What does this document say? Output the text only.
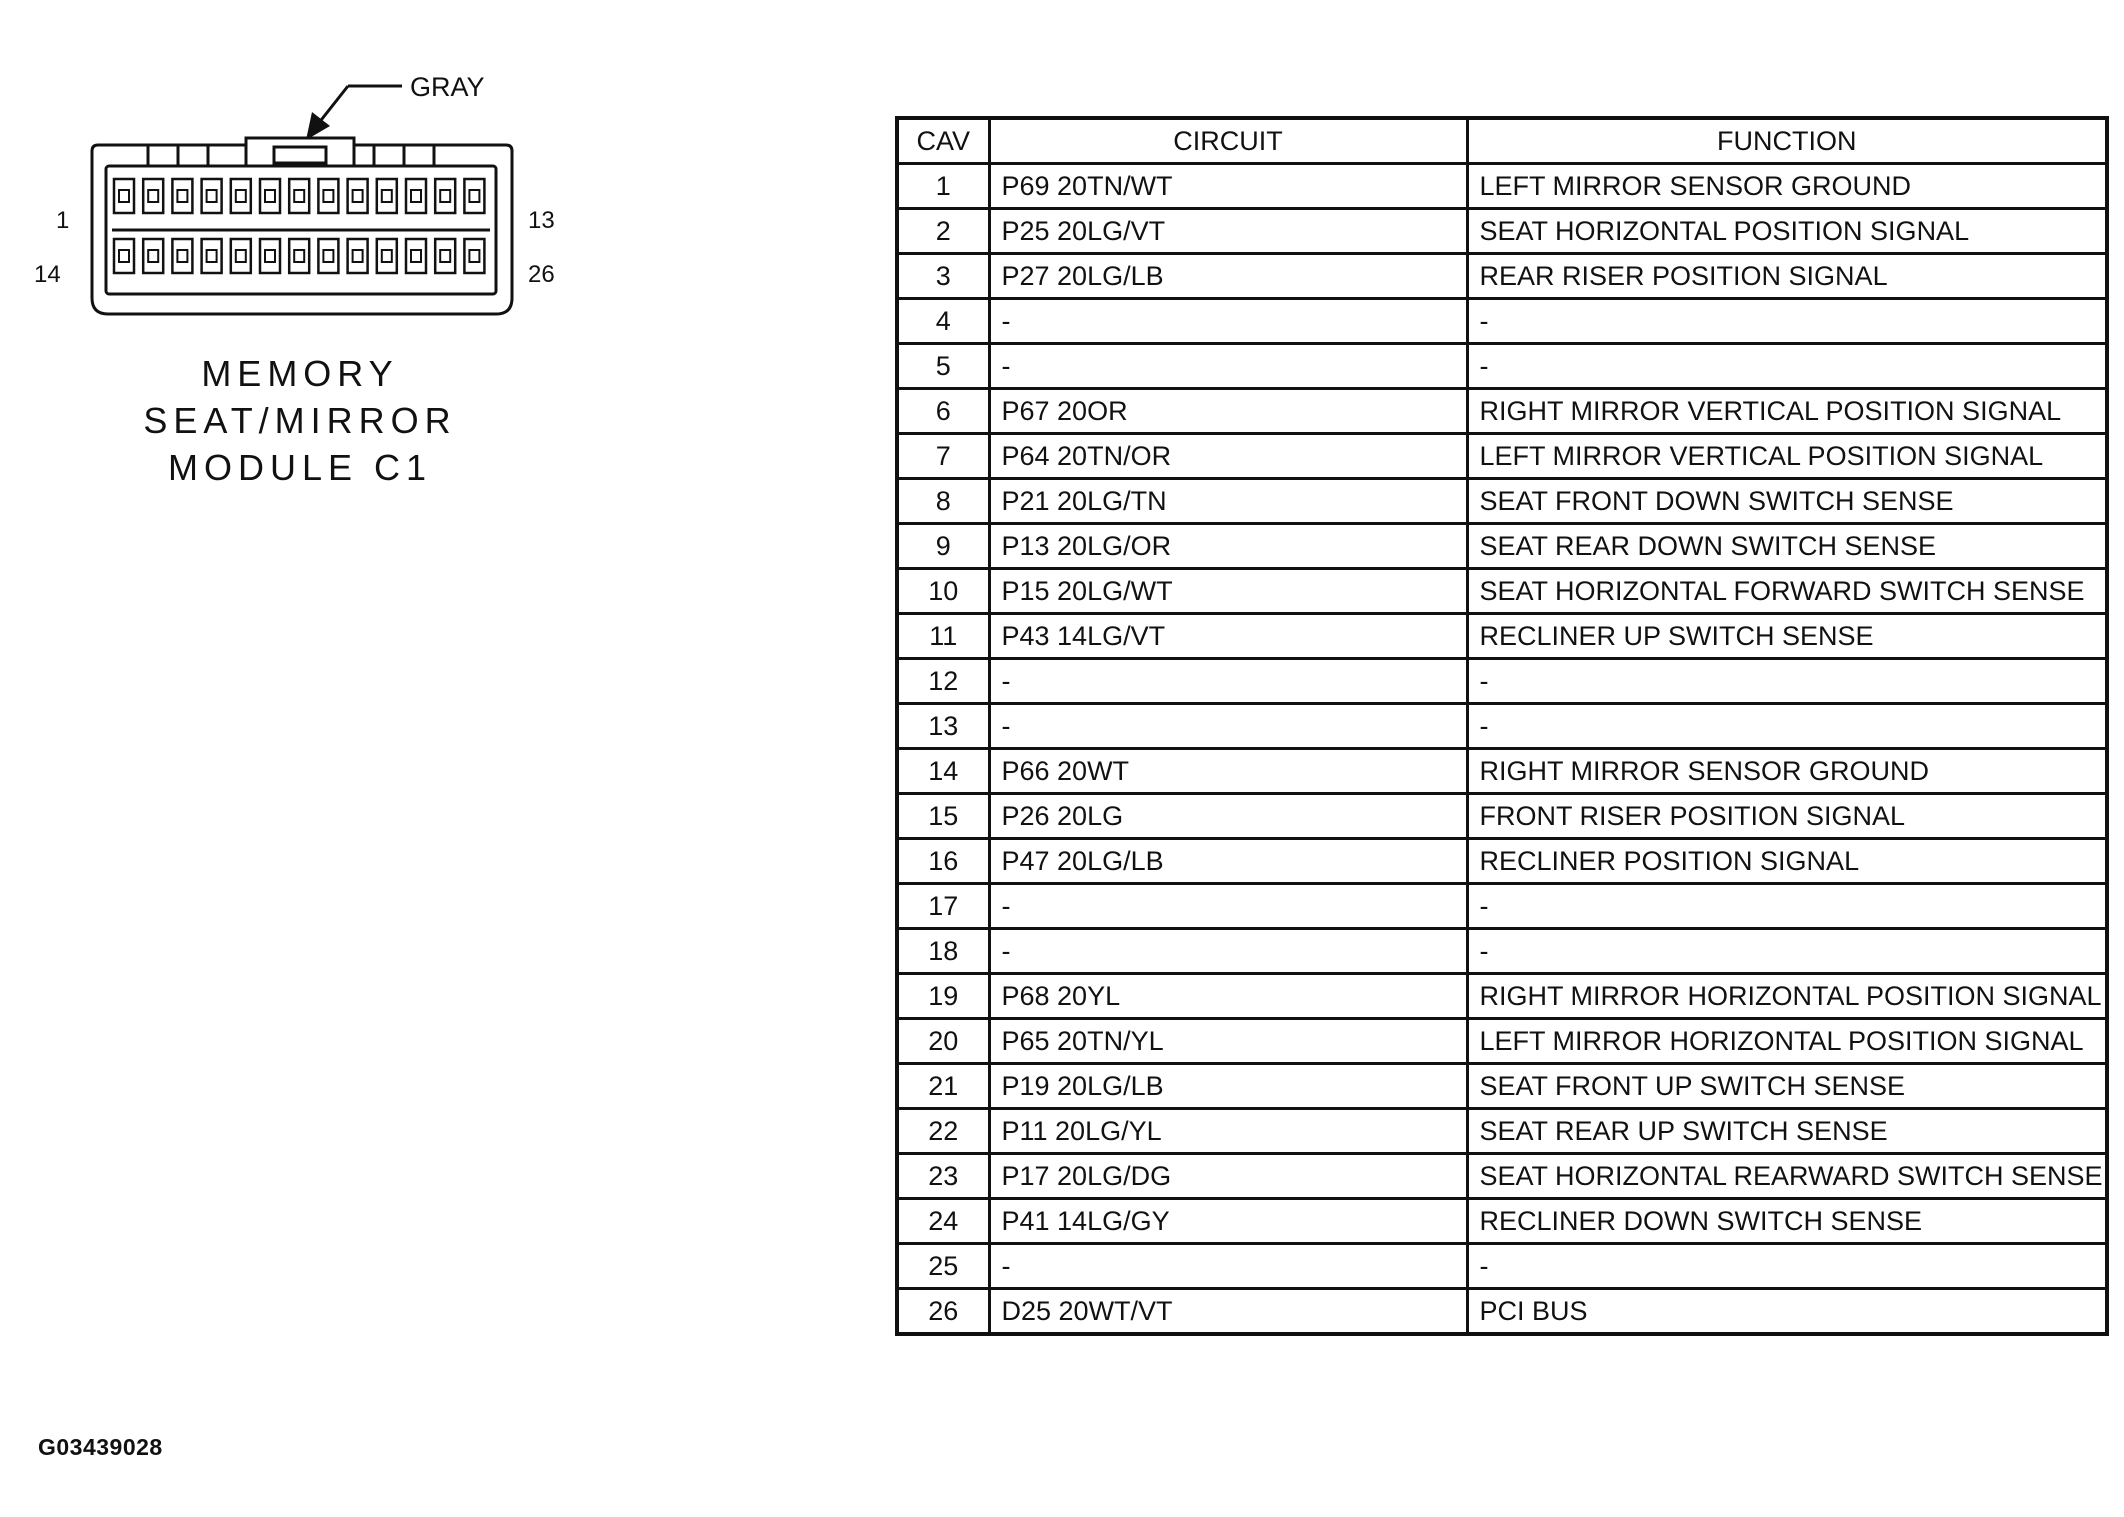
GRAY
1	13
14	26
MEMORY
SEAT/MIRROR
MODULE C1
CAV	CIRCUIT	FUNCTION
1	P69 20TN/WT	LEFT MIRROR SENSOR GROUND
2	P25 20LG/VT	SEAT HORIZONTAL POSITION SIGNAL
3	P27 20LG/LB	REAR RISER POSITION SIGNAL
4	-	-
5	-	-
6	P67 20OR	RIGHT MIRROR VERTICAL POSITION SIGNAL
7	P64 20TN/OR	LEFT MIRROR VERTICAL POSITION SIGNAL
8	P21 20LG/TN	SEAT FRONT DOWN SWITCH SENSE
9	P13 20LG/OR	SEAT REAR DOWN SWITCH SENSE
10	P15 20LG/WT	SEAT HORIZONTAL FORWARD SWITCH SENSE
11	P43 14LG/VT	RECLINER UP SWITCH SENSE
12	-	-
13	-	-
14	P66 20WT	RIGHT MIRROR SENSOR GROUND
15	P26 20LG	FRONT RISER POSITION SIGNAL
16	P47 20LG/LB	RECLINER POSITION SIGNAL
17	-	-
18	-	-
19	P68 20YL	RIGHT MIRROR HORIZONTAL POSITION SIGNAL
20	P65 20TN/YL	LEFT MIRROR HORIZONTAL POSITION SIGNAL
21	P19 20LG/LB	SEAT FRONT UP SWITCH SENSE
22	P11 20LG/YL	SEAT REAR UP SWITCH SENSE
23	P17 20LG/DG	SEAT HORIZONTAL REARWARD SWITCH SENSE
24	P41 14LG/GY	RECLINER DOWN SWITCH SENSE
25	-	-
26	D25 20WT/VT	PCI BUS
G03439028
